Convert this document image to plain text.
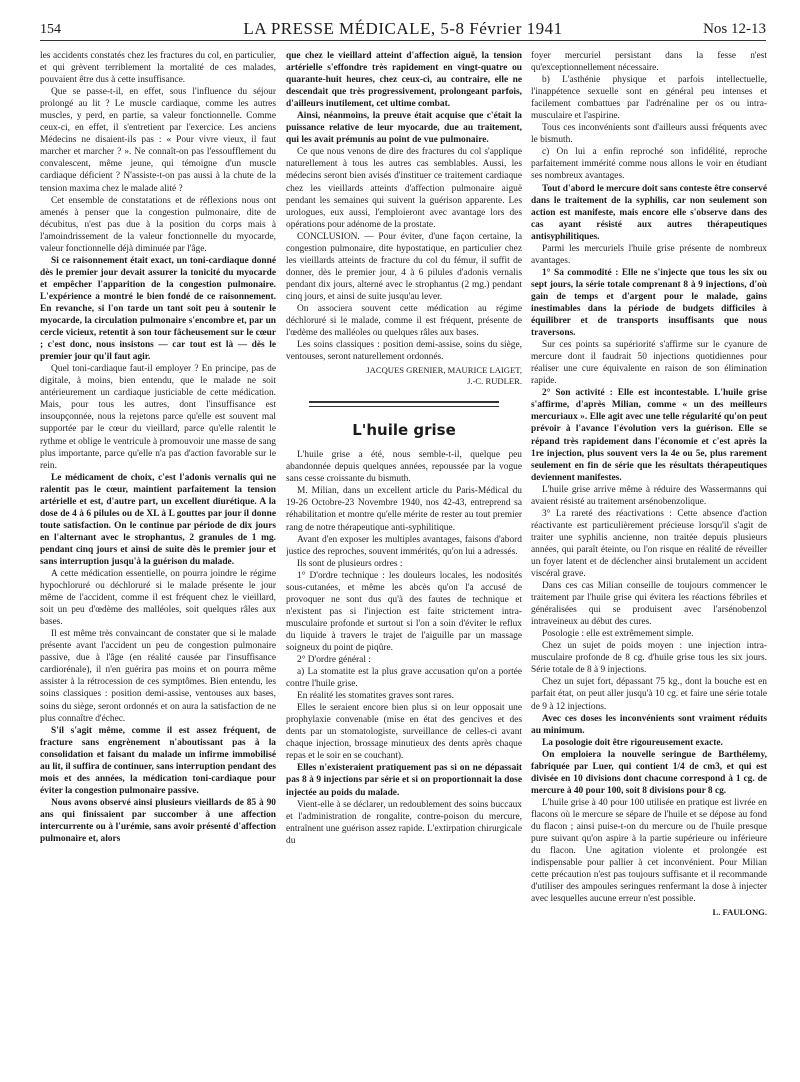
154	LA PRESSE MÉDICALE, 5-8 Février 1941	Nos 12-13

les accidents constatés chez les fractures du col, en particulier, et qui grèvent terriblement la mortalité de ces malades, pouvaient être dus à cette insuffisance.

Que se passe-t-il, en effet, sous l'influence du séjour prolongé au lit ? Le muscle cardiaque, comme les autres muscles, y perd, en partie, sa valeur fonctionnelle. Comme ceux-ci, en effet, il s'entretient par l'exercice. Les anciens Médecins ne disaient-ils pas : « Pour vivre vieux, il faut marcher et marcher ? ». Ne connaît-on pas l'essoufflement du convalescent, même jeune, qui témoigne d'un muscle cardiaque déficient ? N'assiste-t-on pas aussi à la chute de la tension maxima chez le malade alité ?

Cet ensemble de constatations et de réflexions nous ont amenés à penser que la congestion pulmonaire, dite de décubitus, n'est pas due à la position du corps mais à l'amoindrissement de la valeur fonctionnelle du myocarde, valeur fonctionnelle déjà diminuée par l'âge.

Si ce raisonnement était exact, un toni-cardiaque donné dès le premier jour devait assurer la tonicité du myocarde et empêcher l'apparition de la congestion pulmonaire. L'expérience a montré le bien fondé de ce raisonnement. En revanche, si l'on tarde un tant soit peu à soutenir le myocarde, la circulation pulmonaire s'encombre et, par un cercle vicieux, retentit à son tour fâcheusement sur le cœur ; c'est donc, nous insistons — car tout est là — dès le premier jour qu'il faut agir.

Quel toni-cardiaque faut-il employer ? En principe, pas de digitale, à moins, bien entendu, que le malade ne soit antérieurement un cardiaque justiciable de cette médication. Mais, pour tous les autres, dont l'insuffisance est insoupçonnée, nous la rejetons parce qu'elle est souvent mal supportée par le cœur du vieillard, parce qu'elle ralentit le rythme et oblige le ventricule à promouvoir une masse de sang plus importante, parce qu'elle n'a pas d'action favorable sur le rein.

Le médicament de choix, c'est l'adonis vernalis qui ne ralentit pas le cœur, maintient parfaitement la tension artérielle et est, d'autre part, un excellent diurétique. A la dose de 4 à 6 pilules ou de XL à L gouttes par jour il donne toute satisfaction. On le continue par période de dix jours en l'alternant avec le strophantus, 2 granules de 1 mg. pendant cinq jours et ainsi de suite dès le premier jour et sans interruption jusqu'à la guérison du malade.

A cette médication essentielle, on pourra joindre le régime hypochloruré ou déchloruré si le malade présente le jour même de l'accident, comme il est fréquent chez le vieillard, soit un peu d'œdème des malléoles, soit quelques râles aux bases.

Il est même très convaincant de constater que si le malade présente avant l'accident un peu de congestion pulmonaire passive, due à l'âge (en réalité causée par l'insuffisance cardiorénale), il n'en guérira pas moins et on pourra même assister à la rétrocession de ces symptômes. Bien entendu, les soins classiques : position demi-assise, ventouses aux bases, soins du siège, seront ordonnés et on aura la satisfaction de ne plus connaître d'échec.

S'il s'agit même, comme il est assez fréquent, de fracture sans engrènement n'aboutissant pas à la consolidation et faisant du malade un infirme immobilisé au lit, il suffira de continuer, sans interruption pendant des mois et des années, la médication toni-cardiaque pour éviter la congestion pulmonaire passive.

Nous avons observé ainsi plusieurs vieillards de 85 à 90 ans qui finissaient par succomber à une affection intercurrente ou à l'urémie, sans avoir présenté d'affection pulmonaire et, alors

que chez le vieillard atteint d'affection aiguë, la tension artérielle s'effondre très rapidement en vingt-quatre ou quarante-huit heures, chez ceux-ci, au contraire, elle ne descendait que très progressivement, prolongeant parfois, d'ailleurs inutilement, cet ultime combat.

Ainsi, néanmoins, la preuve était acquise que c'était la puissance relative de leur myocarde, due au traitement, qui les avait prémunis au point de vue pulmonaire.

Ce que nous venons de dire des fractures du col s'applique naturellement à tous les autres cas semblables. Aussi, les médecins seront bien avisés d'instituer ce traitement cardiaque chez les vieillards atteints d'affection pulmonaire aiguë pendant les semaines qui suivent la guérison apparente. Les urologues, eux aussi, l'emploieront avec avantage lors des opérations pour adénome de la prostate.

CONCLUSION. — Pour éviter, d'une façon certaine, la congestion pulmonaire, dite hypostatique, en particulier chez les vieillards atteints de fracture du col du fémur, il suffit de donner, dès le premier jour, 4 à 6 pilules d'adonis vernalis pendant dix jours, alterné avec le strophantus (2 mg.) pendant cinq jours, et ainsi de suite jusqu'au lever.

On associera souvent cette médication au régime déchloruré si le malade, comme il est fréquent, présente de l'œdème des malléoles ou quelques râles aux bases.

Les soins classiques : position demi-assise, soins du siège, ventouses, seront naturellement ordonnés.

JACQUES GRENIER, MAURICE LAIGET,

J.-C. RUDLER.

L'huile grise

L'huile grise a été, nous semble-t-il, quelque peu abandonnée depuis quelques années, repoussée par la vogue sans cesse croissante du bismuth.

M. Milian, dans un excellent article du Paris-Médical du 19-26 Octobre-23 Novembre 1940, nos 42-43, entreprend sa réhabilitation et montre qu'elle mérite de rester au tout premier rang de notre thérapeutique anti-syphilitique.

Avant d'en exposer les multiples avantages, faisons d'abord justice des reproches, souvent immérités, qu'on lui a adressés.

Ils sont de plusieurs ordres :

1° D'ordre technique : les douleurs locales, les nodosités sous-cutanées, et même les abcès qu'on l'a accusé de provoquer ne sont dus qu'à des fautes de technique et n'existent pas si l'injection est faite strictement intra-musculaire profonde et surtout si l'on a soin d'éviter le reflux du liquide à travers le trajet de l'aiguille par un massage soigneux du point de piqûre.

2° D'ordre général :

a) La stomatite est la plus grave accusation qu'on a portée contre l'huile grise.

En réalité les stomatites graves sont rares.

Elles le seraient encore bien plus si on leur opposait une prophylaxie convenable (mise en état des gencives et des dents par un stomatologiste, surveillance de celles-ci avant chaque injection, brossage minutieux des dents après chaque repas et le soir en se couchant).

Elles n'existeraient pratiquement pas si on ne dépassait pas 8 à 9 injections par série et si on proportionnait la dose injectée au poids du malade.

Vient-elle à se déclarer, un redoublement des soins buccaux et l'administration de rongalite, contre-poison du mercure, entraînent une guérison assez rapide. L'extirpation chirurgicale du

foyer mercuriel persistant dans la fesse n'est qu'exceptionnellement nécessaire.

b) L'asthénie physique et parfois intellectuelle, l'inappétence sexuelle sont en général peu intenses et facilement combattues par l'adrénaline per os ou intra-musculaire et l'aspirine.

Tous ces inconvénients sont d'ailleurs aussi fréquents avec le bismuth.

c) On lui a enfin reproché son infidélité, reproche parfaitement immérité comme nous allons le voir en étudiant ses nombreux avantages.

Tout d'abord le mercure doit sans conteste être conservé dans le traitement de la syphilis, car non seulement son action est manifeste, mais encore elle s'observe dans des cas ayant résisté aux autres thérapeutiques antisyphilitiques.

Parmi les mercuriels l'huile grise présente de nombreux avantages.

1° Sa commodité : Elle ne s'injecte que tous les six ou sept jours, la série totale comprenant 8 à 9 injections, d'où gain de temps et d'argent pour le malade, gains inestimables dans la période de budgets difficiles à équilibrer et de transports insuffisants que nous traversons.

Sur ces points sa supériorité s'affirme sur le cyanure de mercure dont il faudrait 50 injections quotidiennes pour réaliser une cure équivalente en raison de son élimination rapide.

2° Son activité : Elle est incontestable. L'huile grise s'affirme, d'après Milian, comme « un des meilleurs mercuriaux ». Elle agit avec une telle régularité qu'on peut prévoir à l'avance l'évolution vers la guérison. Elle se répand très rapidement dans l'économie et c'est après la 1re injection, plus souvent vers la 4e ou 5e, plus rarement seulement en fin de série que les résultats thérapeutiques deviennent manifestes.

L'huile grise arrive même à réduire des Wassermanns qui avaient résisté au traitement arsénobenzolique.

3° La rareté des réactivations : Cette absence d'action réactivante est particulièrement précieuse lorsqu'il s'agit de traiter une syphilis ancienne, non traitée depuis plusieurs années, qui paraît éteinte, ou l'on risque en réalité de réveiller un foyer latent et de déclencher ainsi brutalement un accident viscéral grave.

Dans ces cas Milian conseille de toujours commencer le traitement par l'huile grise qui évitera les réactions fébriles et généralisées qui se produisent avec l'arsénobenzol intraveineux au début des cures.

Posologie : elle est extrêmement simple.

Chez un sujet de poids moyen : une injection intra-musculaire profonde de 8 cg. d'huile grise tous les six jours. Série totale de 8 à 9 injections.

Chez un sujet fort, dépassant 75 kg., dont la bouche est en parfait état, on peut aller jusqu'à 10 cg. et faire une série totale de 9 à 12 injections.

Avec ces doses les inconvénients sont vraiment réduits au minimum.

La posologie doit être rigoureusement exacte.

On emploiera la nouvelle seringue de Barthélemy, fabriquée par Luer, qui contient 1/4 de cm3, et qui est divisée en 10 divisions dont chacune correspond à 1 cg. de mercure à 40 pour 100, soit 8 divisions pour 8 cg.

L'huile grise à 40 pour 100 utilisée en pratique est livrée en flacons où le mercure se sépare de l'huile et se dépose au fond du flacon ; ainsi puise-t-on du mercure ou de l'huile presque pure suivant qu'on aspire à la partie supérieure ou inférieure du flacon. Une agitation violente et prolongée est indispensable pour pallier à cet inconvénient. Pour Milian cette précaution n'est pas toujours suffisante et il recommande d'utiliser des ampoules seringues renfermant la dose à injecter avec lesquelles aucune erreur n'est possible.

L. FAULONG.
